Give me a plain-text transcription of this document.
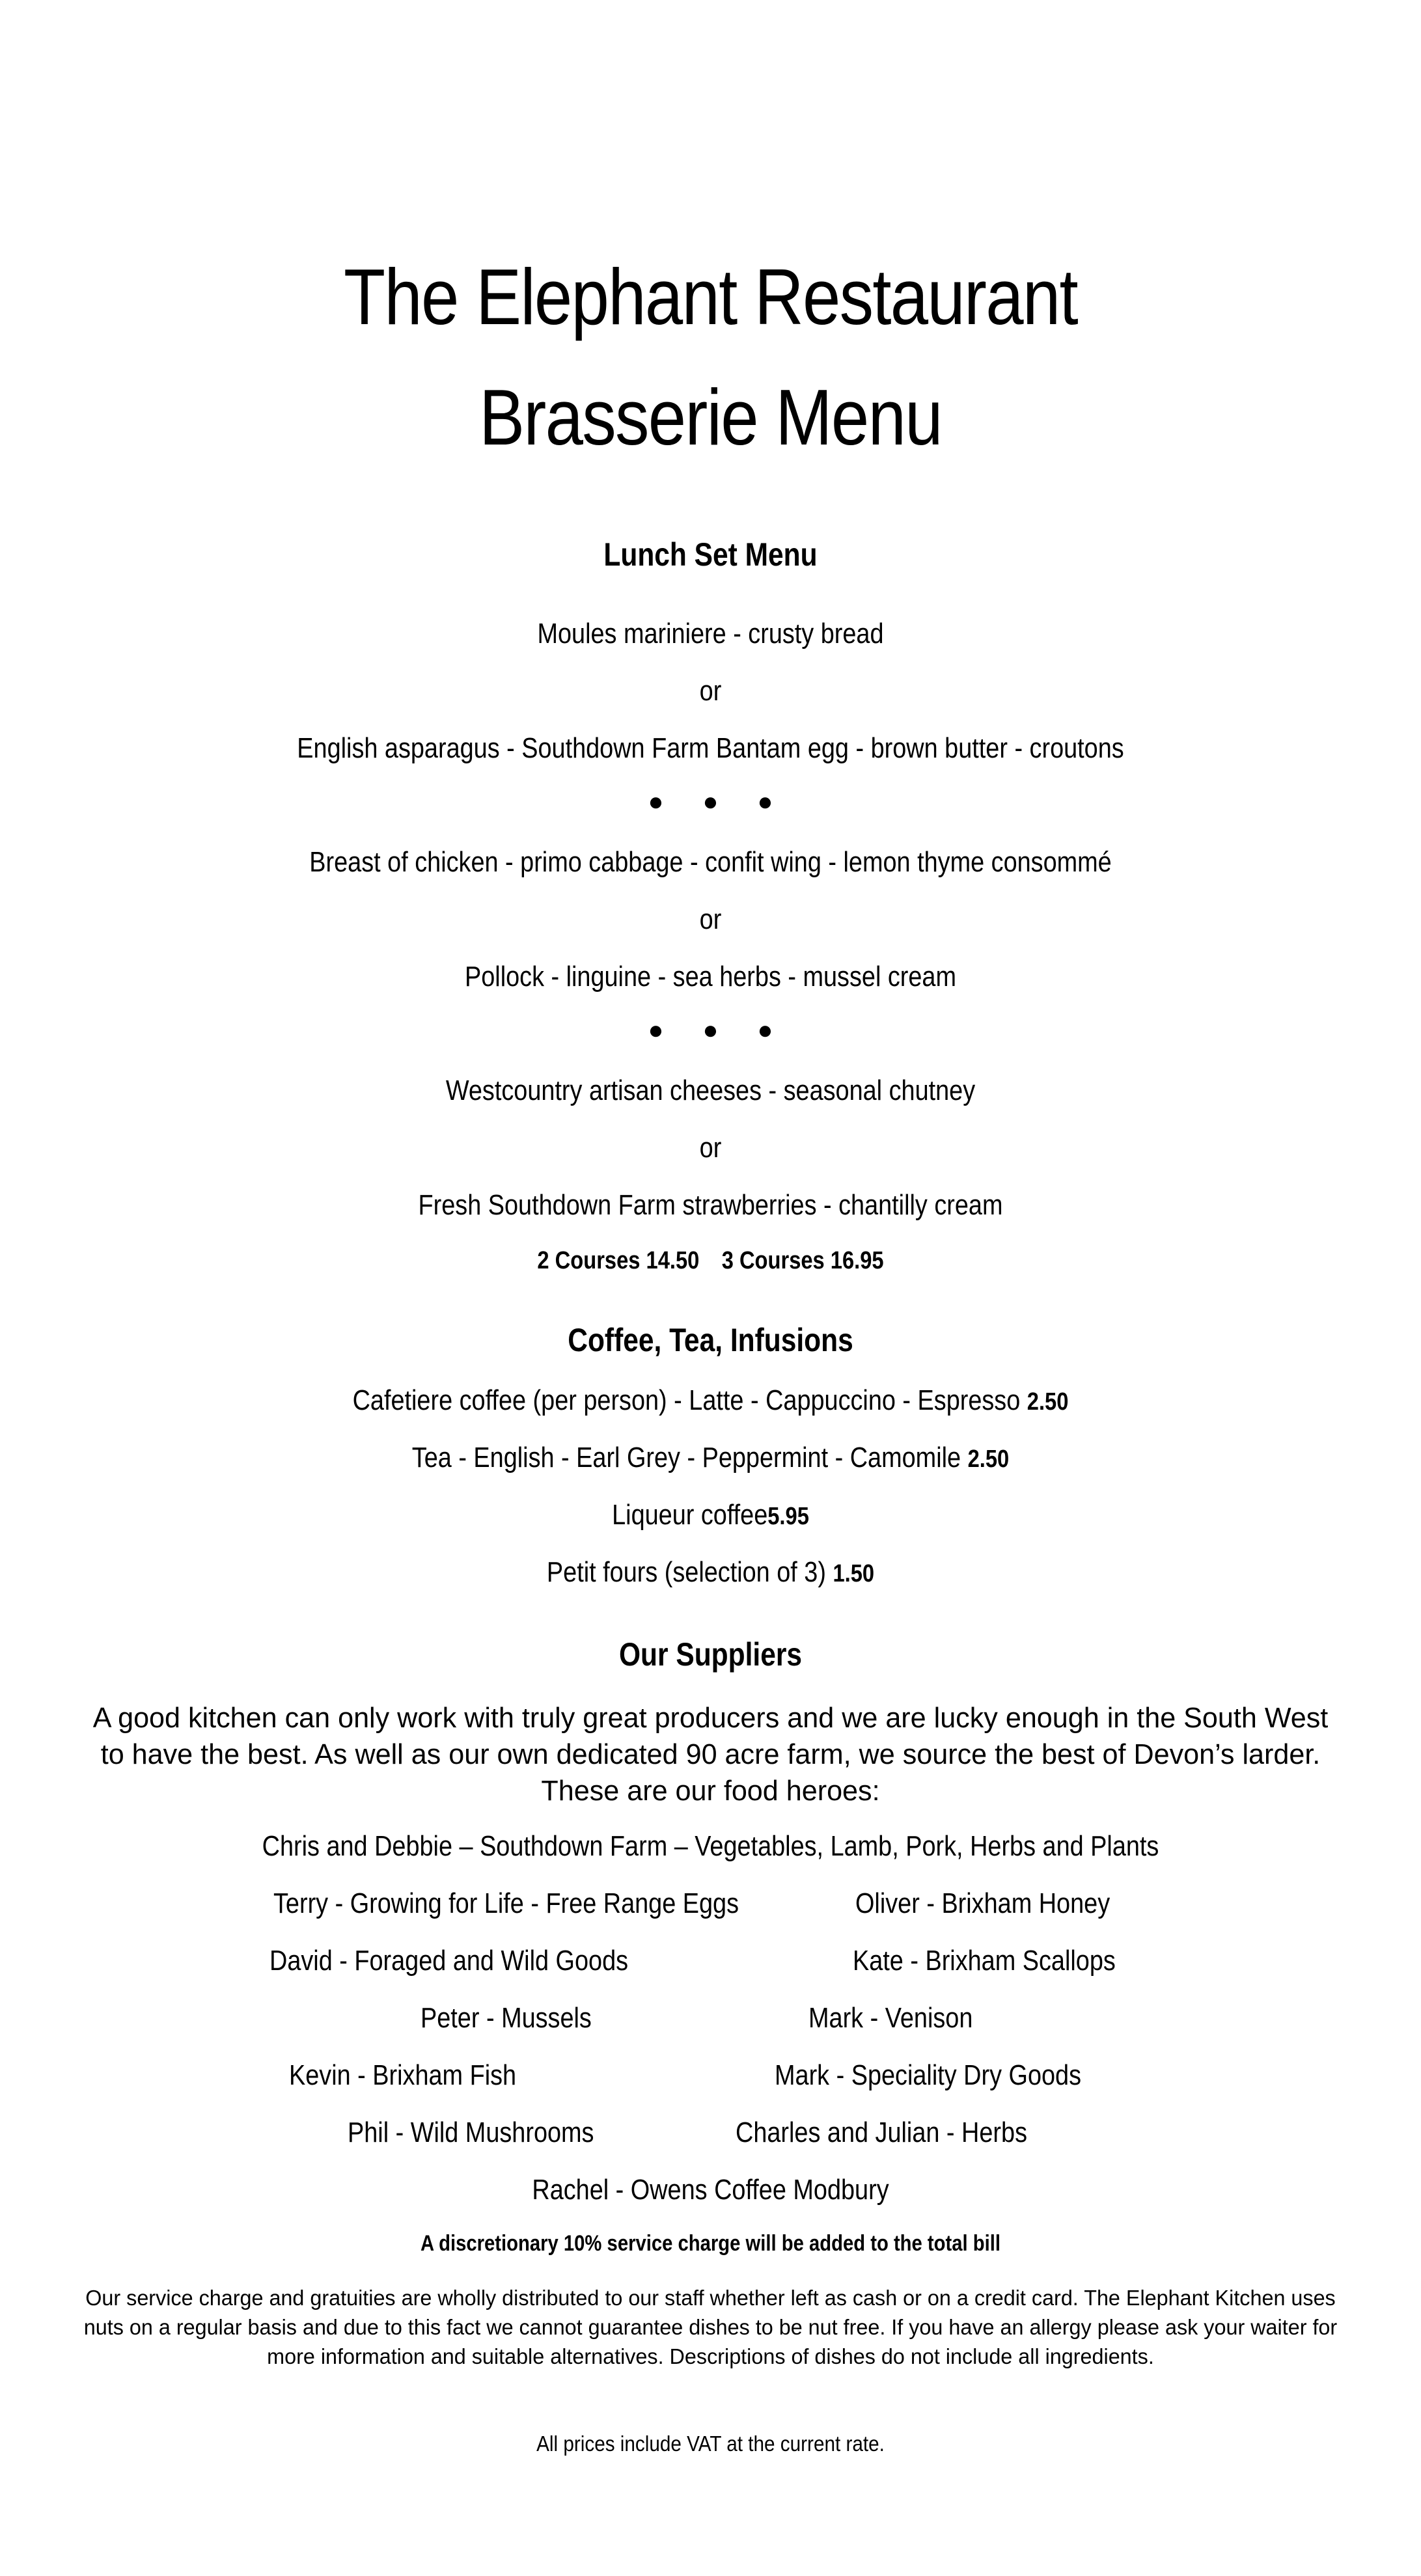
The Elephant Restaurant
Brasserie Menu
Lunch Set Menu
Moules mariniere - crusty bread
or
English asparagus - Southdown Farm Bantam egg - brown butter - croutons
● ● ●
Breast of chicken - primo cabbage - confit wing - lemon thyme consommé
or
Pollock - linguine - sea herbs - mussel cream
● ● ●
Westcountry artisan cheeses - seasonal chutney
or
Fresh Southdown Farm strawberries - chantilly cream
2 Courses 14.50 3 Courses 16.95
Coffee, Tea, Infusions
Cafetiere coffee (per person) - Latte - Cappuccino - Espresso 2.50
Tea - English - Earl Grey - Peppermint - Camomile 2.50
Liqueur coffee5.95
Petit fours (selection of 3) 1.50
Our Suppliers
A good kitchen can only work with truly great producers and we are lucky enough in the South West to have the best. As well as our own dedicated 90 acre farm, we source the best of Devon’s larder. These are our food heroes:
Chris and Debbie – Southdown Farm – Vegetables, Lamb, Pork, Herbs and Plants
Terry - Growing for Life - Free Range Eggs	Oliver - Brixham Honey
David - Foraged and Wild Goods	Kate - Brixham Scallops
Peter - Mussels	Mark - Venison
Kevin - Brixham Fish	Mark - Speciality Dry Goods
Phil - Wild Mushrooms	Charles and Julian - Herbs
Rachel - Owens Coffee Modbury
A discretionary 10% service charge will be added to the total bill
Our service charge and gratuities are wholly distributed to our staff whether left as cash or on a credit card. The Elephant Kitchen uses nuts on a regular basis and due to this fact we cannot guarantee dishes to be nut free. If you have an allergy please ask your waiter for more information and suitable alternatives. Descriptions of dishes do not include all ingredients.
All prices include VAT at the current rate.
